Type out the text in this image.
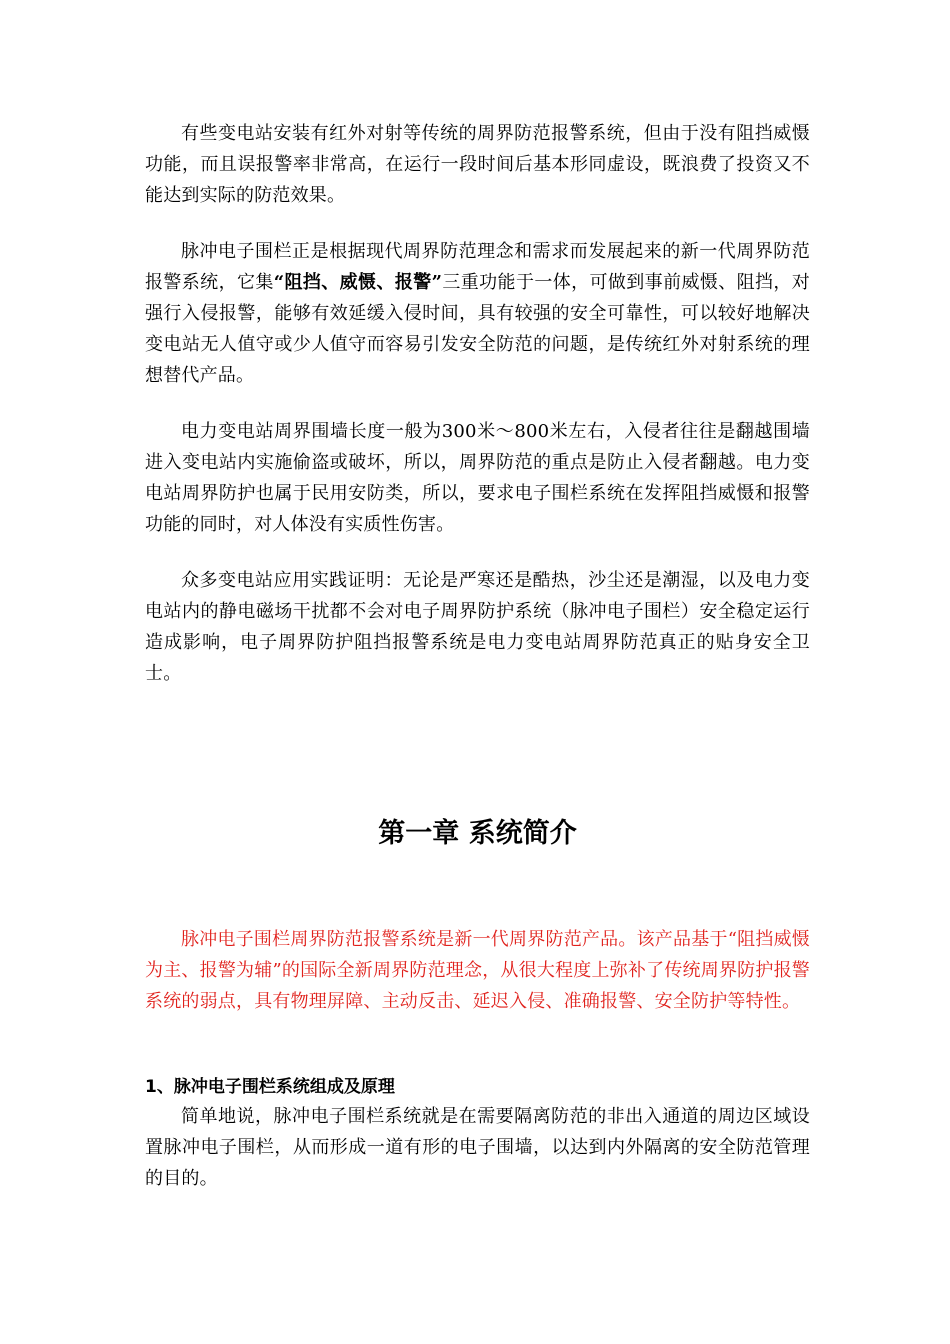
有些变电站安装有红外对射等传统的周界防范报警系统，但由于没有阻挡威慑功能，而且误报警率非常高，在运行一段时间后基本形同虚设，既浪费了投资又不能达到实际的防范效果。

脉冲电子围栏正是根据现代周界防范理念和需求而发展起来的新一代周界防范报警系统，它集“阻挡、威慑、报警”三重功能于一体，可做到事前威慑、阻挡，对强行入侵报警，能够有效延缓入侵时间，具有较强的安全可靠性，可以较好地解决变电站无人值守或少人值守而容易引发安全防范的问题，是传统红外对射系统的理想替代产品。

电力变电站周界围墙长度一般为300米～800米左右，入侵者往往是翻越围墙进入变电站内实施偷盗或破坏，所以，周界防范的重点是防止入侵者翻越。电力变电站周界防护也属于民用安防类，所以，要求电子围栏系统在发挥阻挡威慑和报警功能的同时，对人体没有实质性伤害。

众多变电站应用实践证明：无论是严寒还是酷热，沙尘还是潮湿，以及电力变电站内的静电磁场干扰都不会对电子周界防护系统（脉冲电子围栏）安全稳定运行造成影响，电子周界防护阻挡报警系统是电力变电站周界防范真正的贴身安全卫士。

第一章 系统简介

脉冲电子围栏周界防范报警系统是新一代周界防范产品。该产品基于“阻挡威慑为主、报警为辅”的国际全新周界防范理念，从很大程度上弥补了传统周界防护报警系统的弱点，具有物理屏障、主动反击、延迟入侵、准确报警、安全防护等特性。

1、脉冲电子围栏系统组成及原理

简单地说，脉冲电子围栏系统就是在需要隔离防范的非出入通道的周边区域设置脉冲电子围栏，从而形成一道有形的电子围墙，以达到内外隔离的安全防范管理的目的。
